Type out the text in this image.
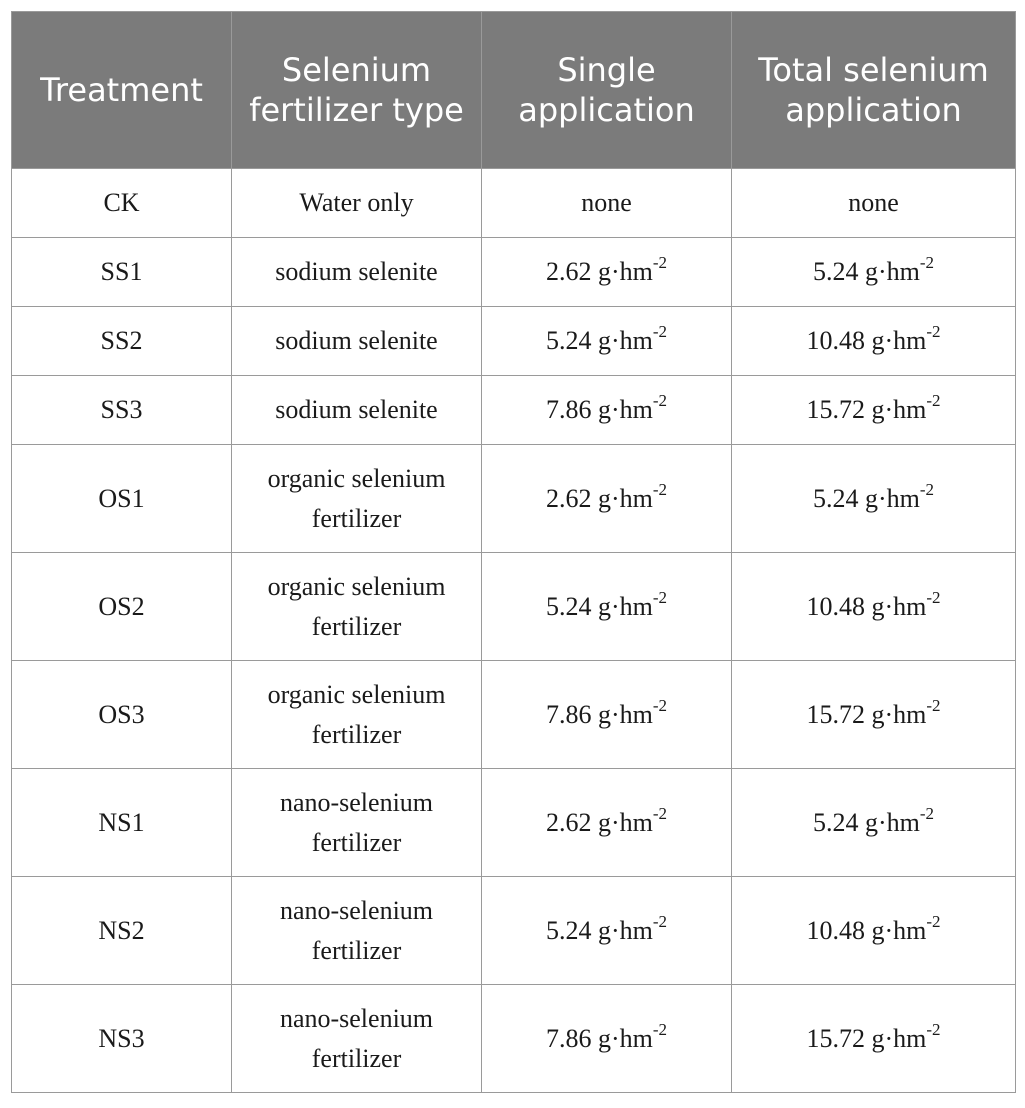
Treatment	Selenium fertilizer type	Single application	Total selenium application
CK	Water only	none	none
SS1	sodium selenite	2.62 $g\cdot hm^{-2}$	5.24 $g\cdot hm^{-2}$
SS2	sodium selenite	5.24 $g\cdot hm^{-2}$	10.48 $g\cdot hm^{-2}$
SS3	sodium selenite	7.86 $g\cdot hm^{-2}$	15.72 $g\cdot hm^{-2}$
OS1	organic selenium fertilizer	2.62 $g\cdot hm^{-2}$	5.24 $g\cdot hm^{-2}$
OS2	organic selenium fertilizer	5.24 $g\cdot hm^{-2}$	10.48 $g\cdot hm^{-2}$
OS3	organic selenium fertilizer	7.86 $g\cdot hm^{-2}$	15.72 $g\cdot hm^{-2}$
NS1	nano-selenium fertilizer	2.62 $g\cdot hm^{-2}$	5.24 $g\cdot hm^{-2}$
NS2	nano-selenium fertilizer	5.24 $g\cdot hm^{-2}$	10.48 $g\cdot hm^{-2}$
NS3	nano-selenium fertilizer	7.86 $g\cdot hm^{-2}$	15.72 $g\cdot hm^{-2}$
